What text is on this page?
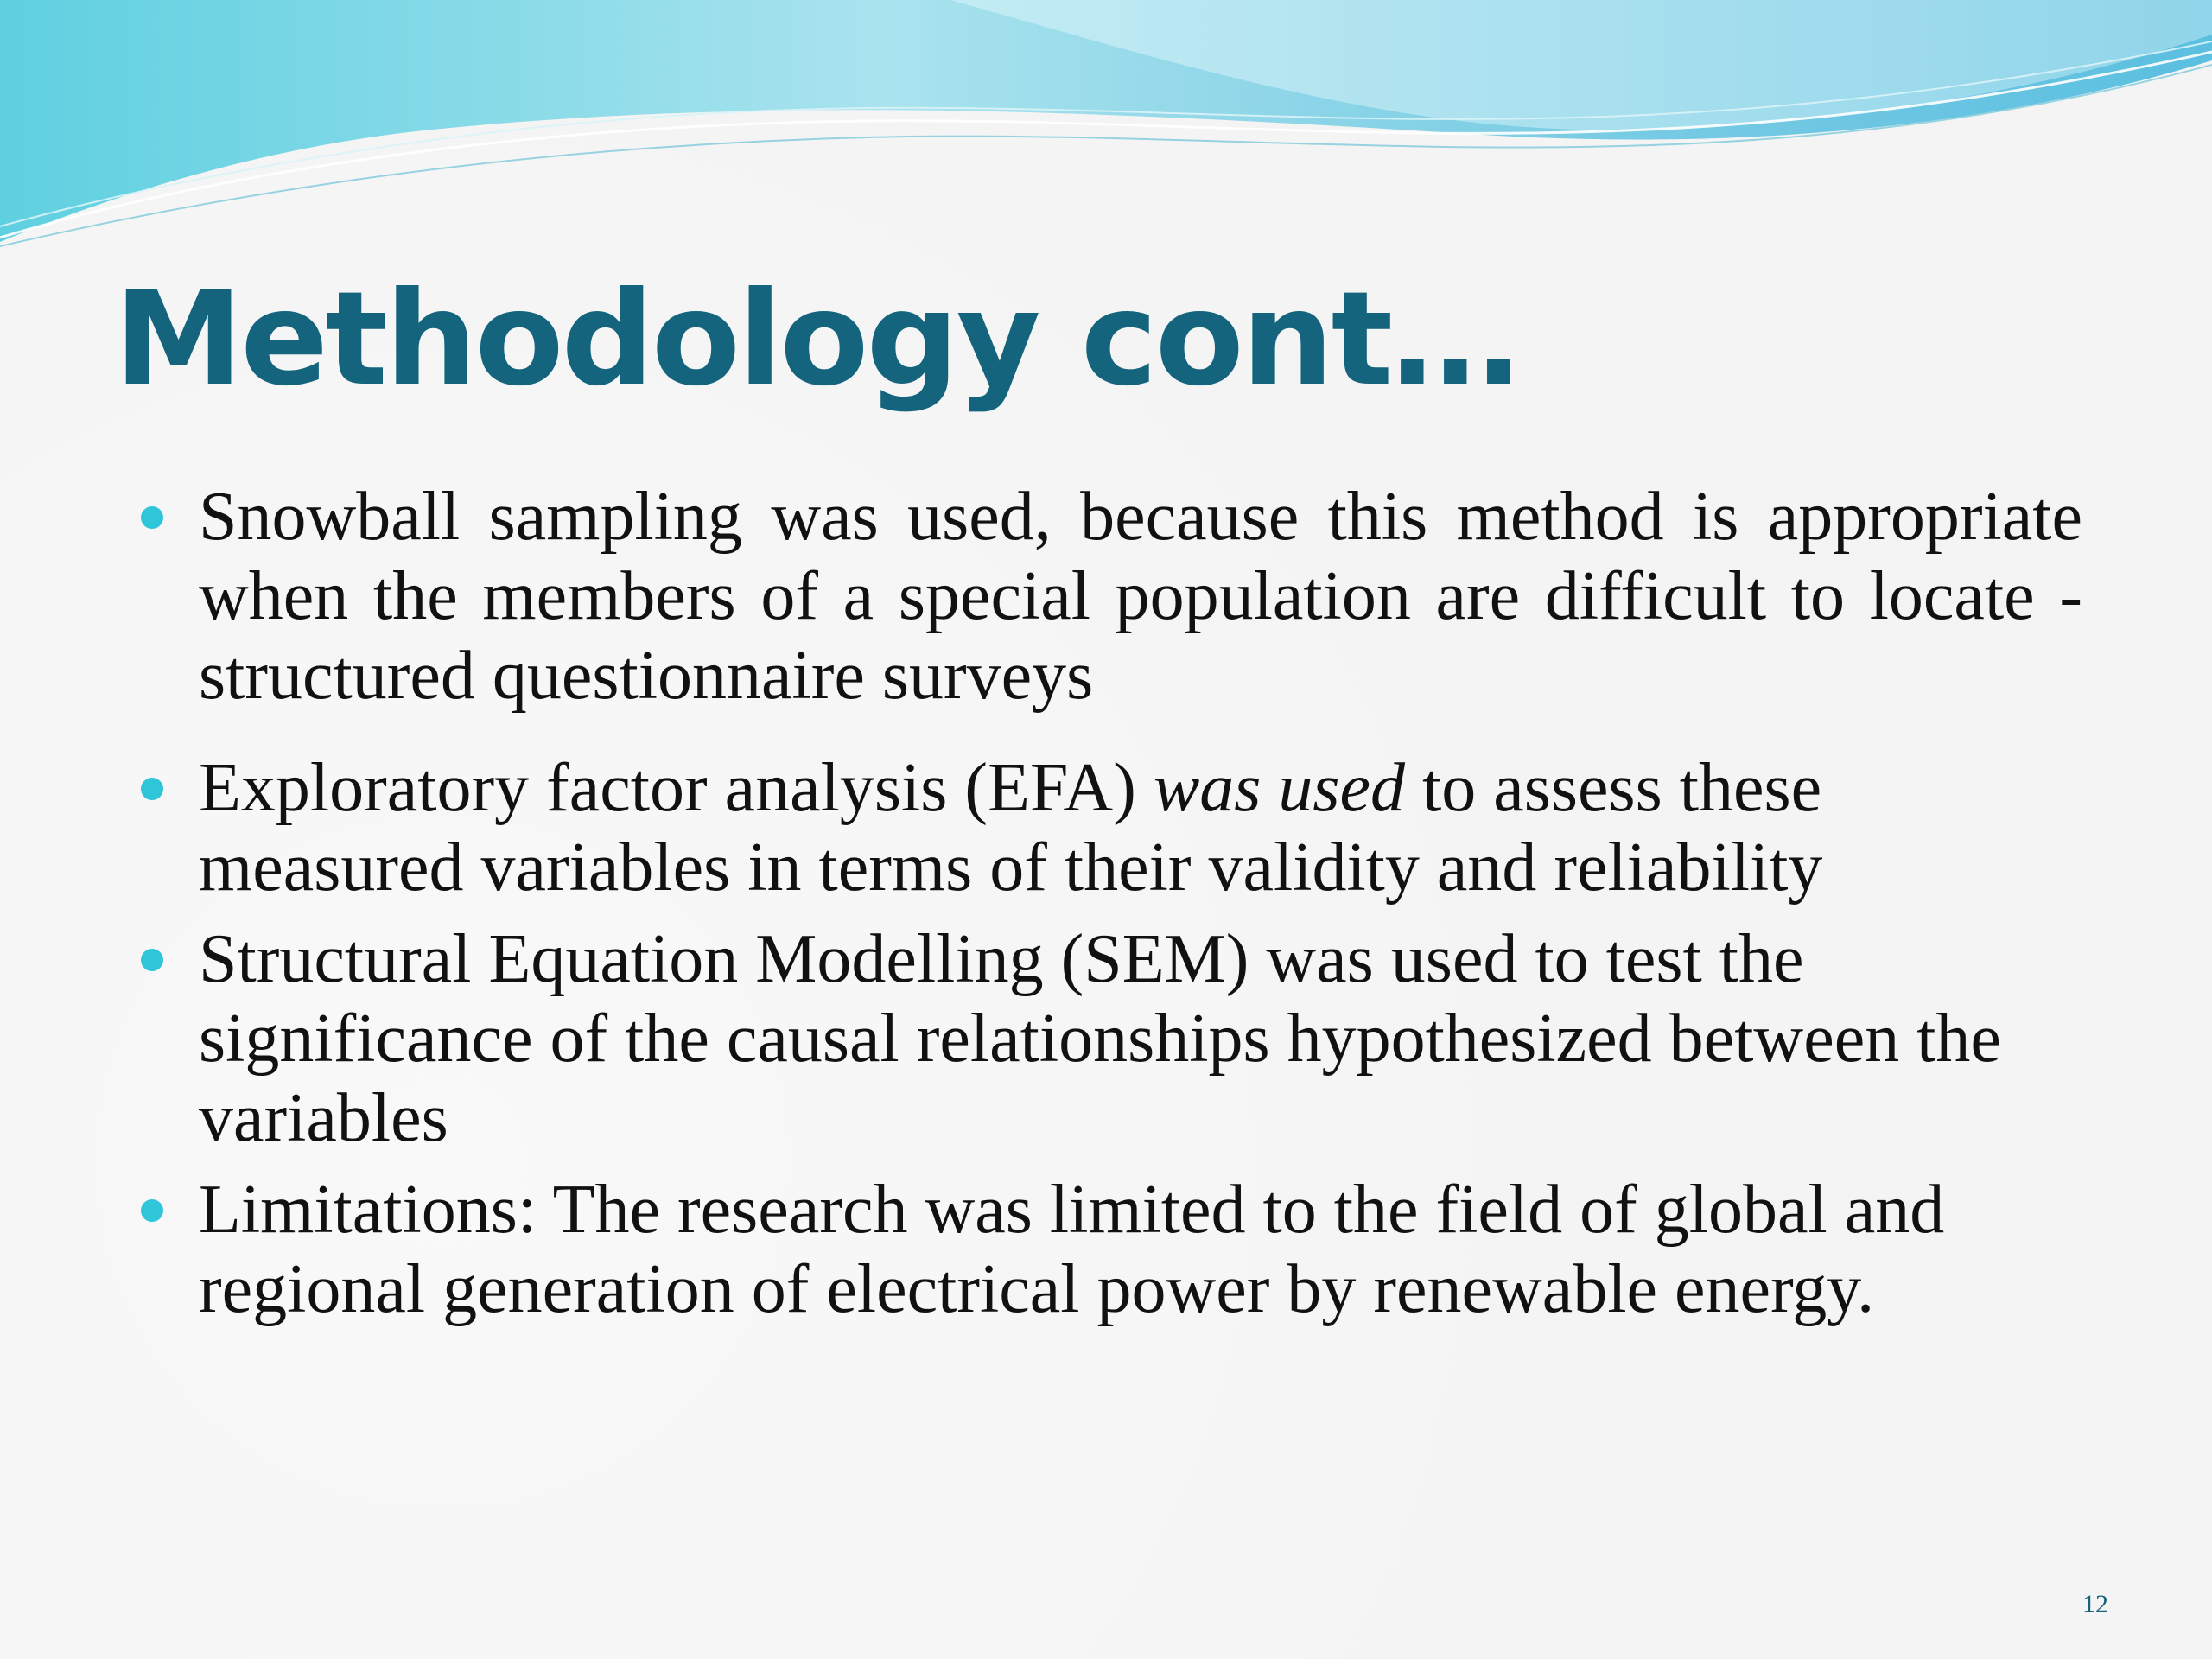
Methodology cont…
Snowball sampling was used, because this method is appropriate when the members of a special population are difficult to locate - structured questionnaire surveys
Exploratory factor analysis (EFA) was used to assess these measured variables in terms of their validity and reliability
Structural Equation Modelling (SEM) was used to test the significance of the causal relationships hypothesized between the variables
Limitations: The research was limited to the field of global and regional generation of electrical power by renewable energy.
12
